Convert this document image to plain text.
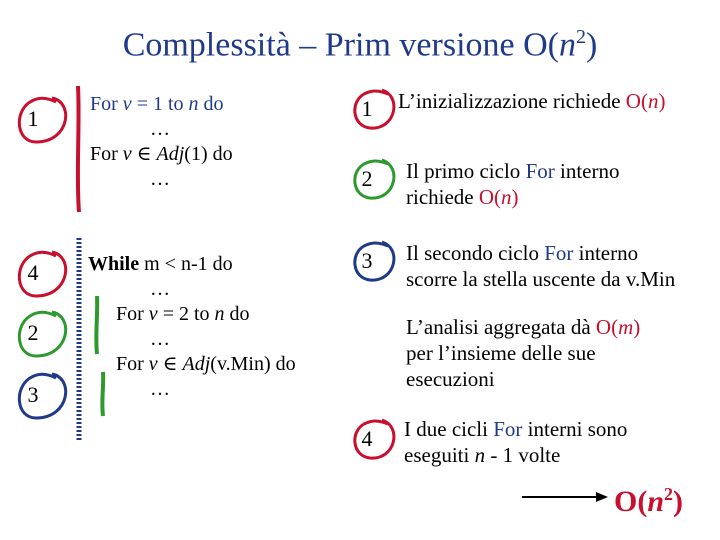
Complessità – Prim versione $O(n^2)$
1
4
2
3
For v = 1 to n do
…
For v ∈ Adj(1) do
…
While m < n-1 do
…
For v = 2 to n do
…
For v ∈ Adj(v.Min) do
…
1
2
3
4
L’inizializzazione richiede O(n)
Il primo ciclo For interno
richiede O(n)
Il secondo ciclo For interno
scorre la stella uscente da v.Min
L’analisi aggregata dà O(m)
per l’insieme delle sue
esecuzioni
I due cicli For interni sono
eseguiti n - 1 volte
$O(n^2)$
